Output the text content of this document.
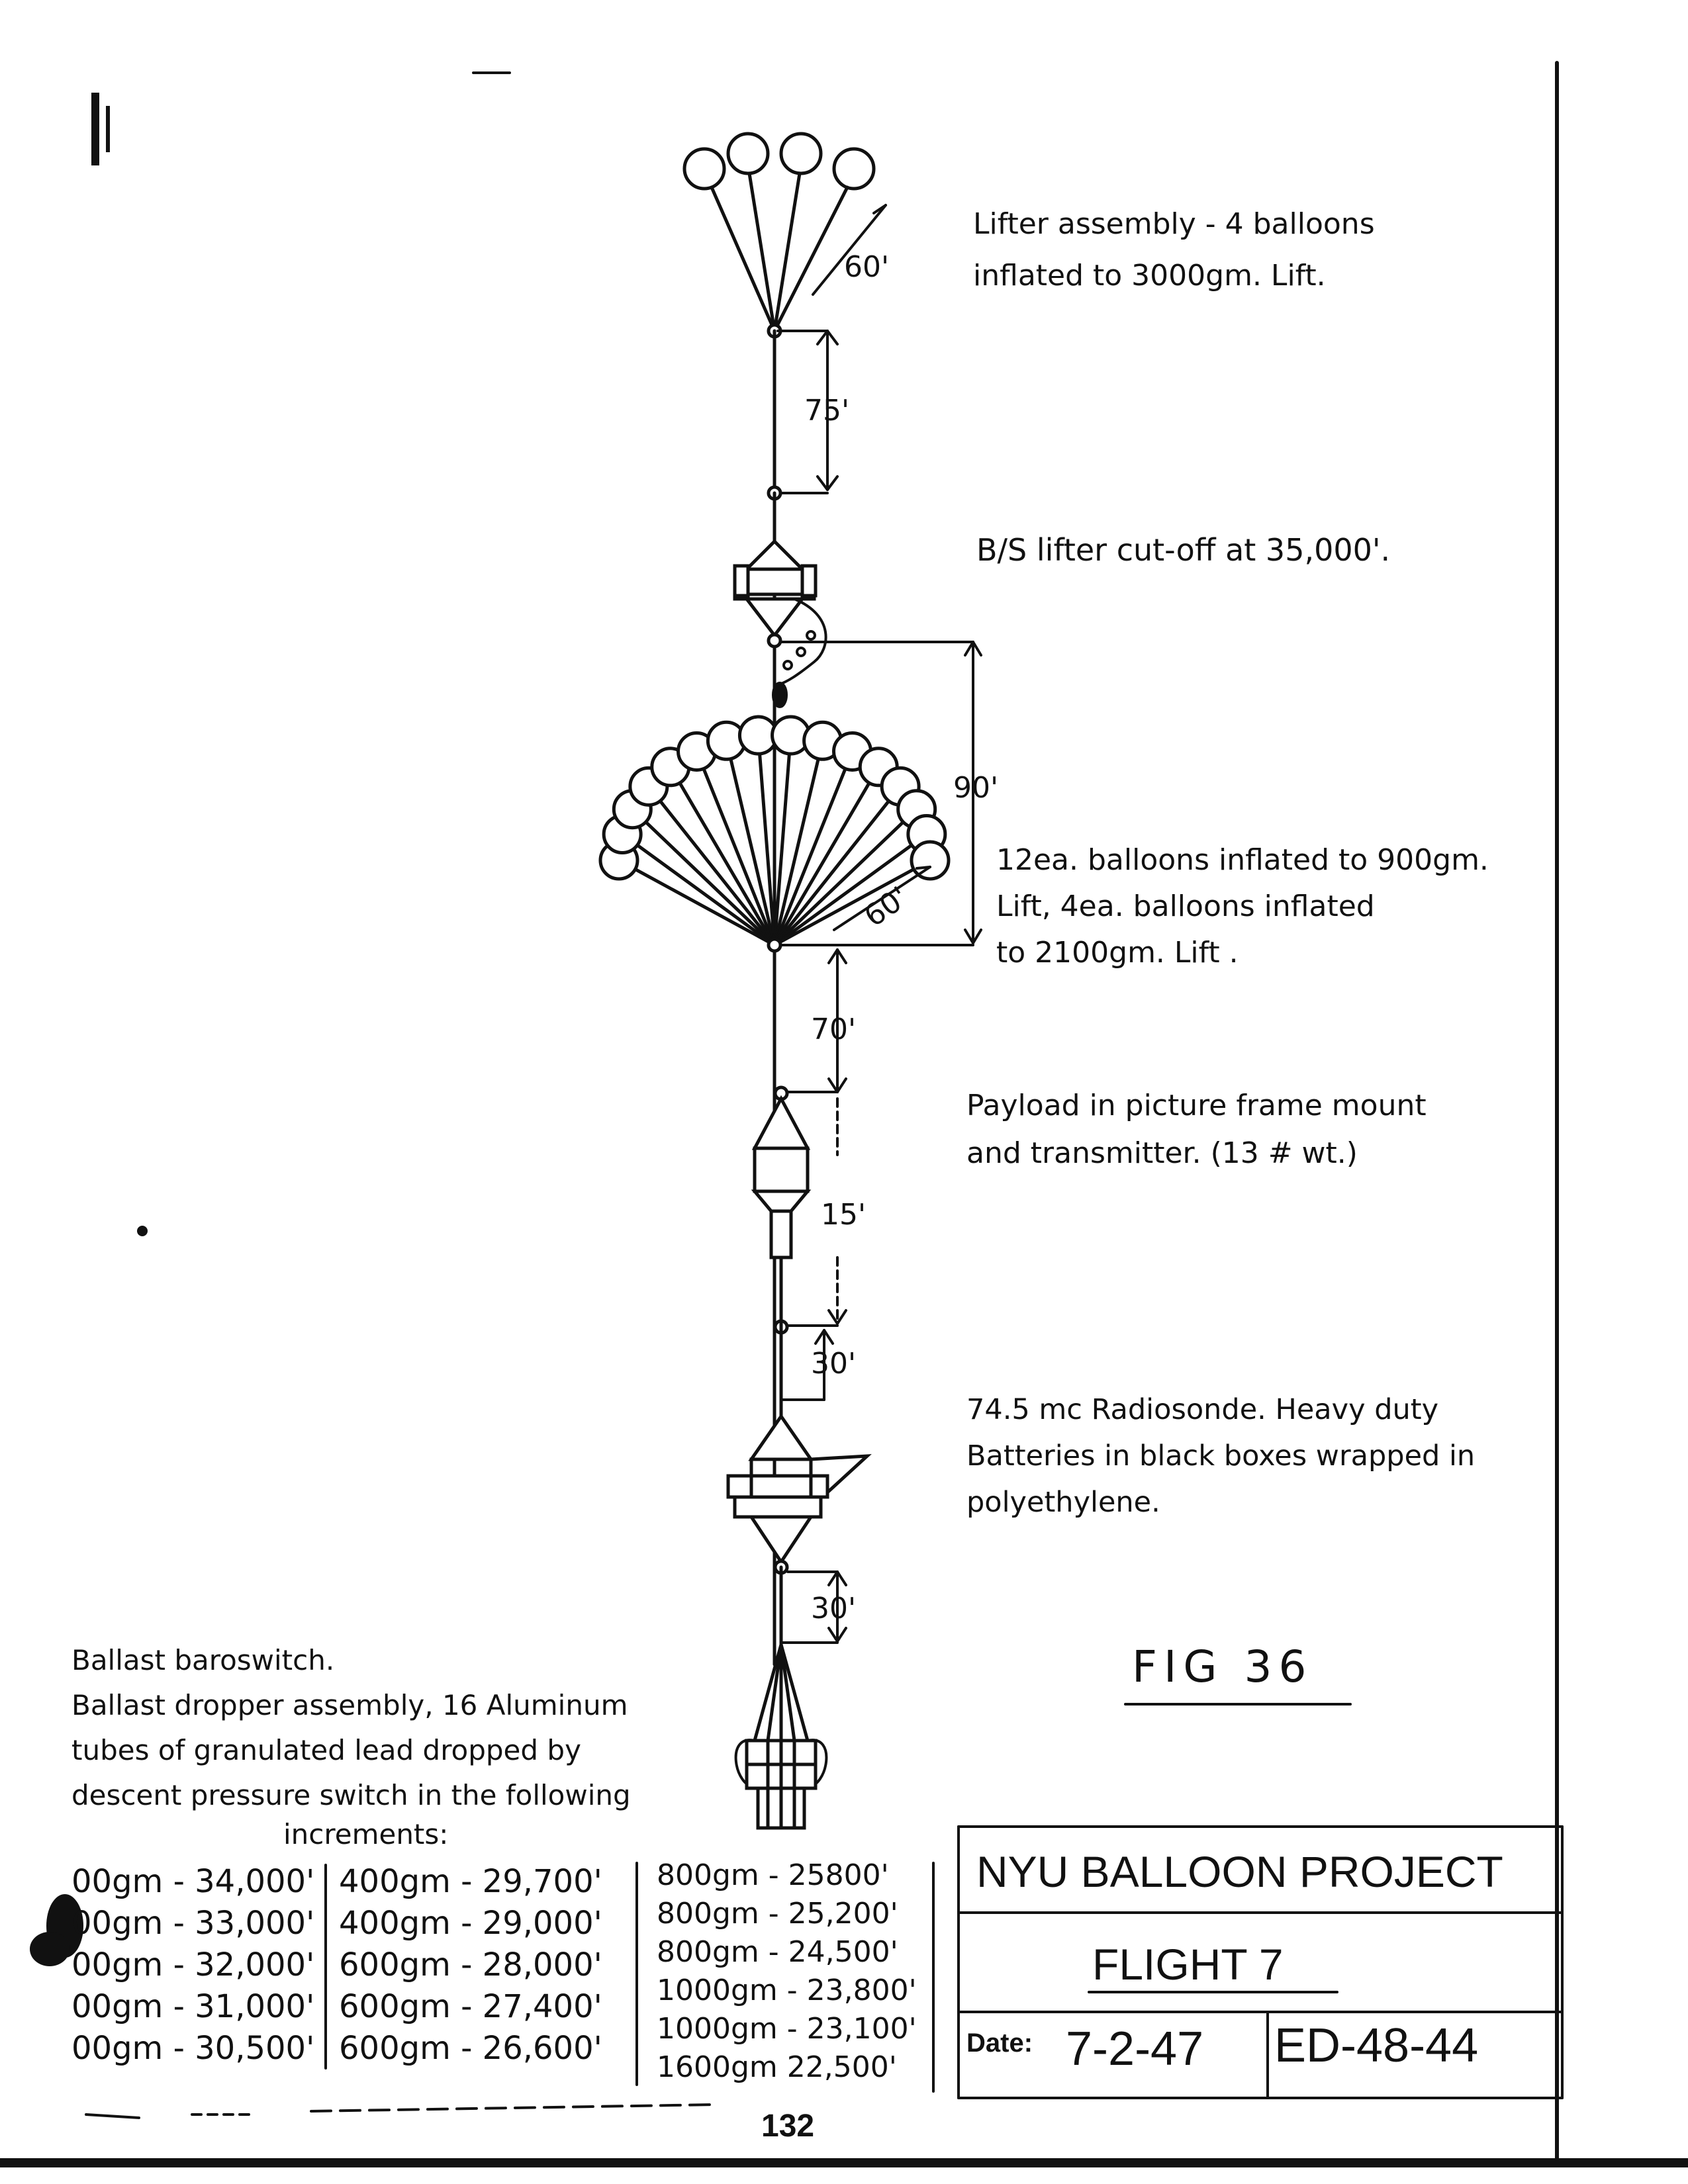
60'
75'
90'
60'
70'
15'
30'
30'
Lifter assembly - 4 balloons
inflated to 3000gm. Lift.
B/S lifter cut-off at 35,000'.
12ea. balloons inflated to 900gm.
Lift, 4ea. balloons inflated
to 2100gm. Lift .
Payload in picture frame mount
and transmitter. (13 # wt.)
74.5 mc Radiosonde. Heavy duty
Batteries in black boxes wrapped in
polyethylene.
FIG 36
Ballast baroswitch.
Ballast dropper assembly, 16 Aluminum
tubes of granulated lead dropped by
descent pressure switch in the following
increments:
00gm - 34,000'
00gm - 33,000'
00gm - 32,000'
00gm - 31,000'
00gm - 30,500'
400gm - 29,700'
400gm - 29,000'
600gm - 28,000'
600gm - 27,400'
600gm - 26,600'
800gm - 25800'
800gm - 25,200'
800gm - 24,500'
1000gm - 23,800'
1000gm - 23,100'
1600gm 22,500'
NYU BALLOON PROJECT
FLIGHT 7
Date: 7-2-47 ED-48-44
132
